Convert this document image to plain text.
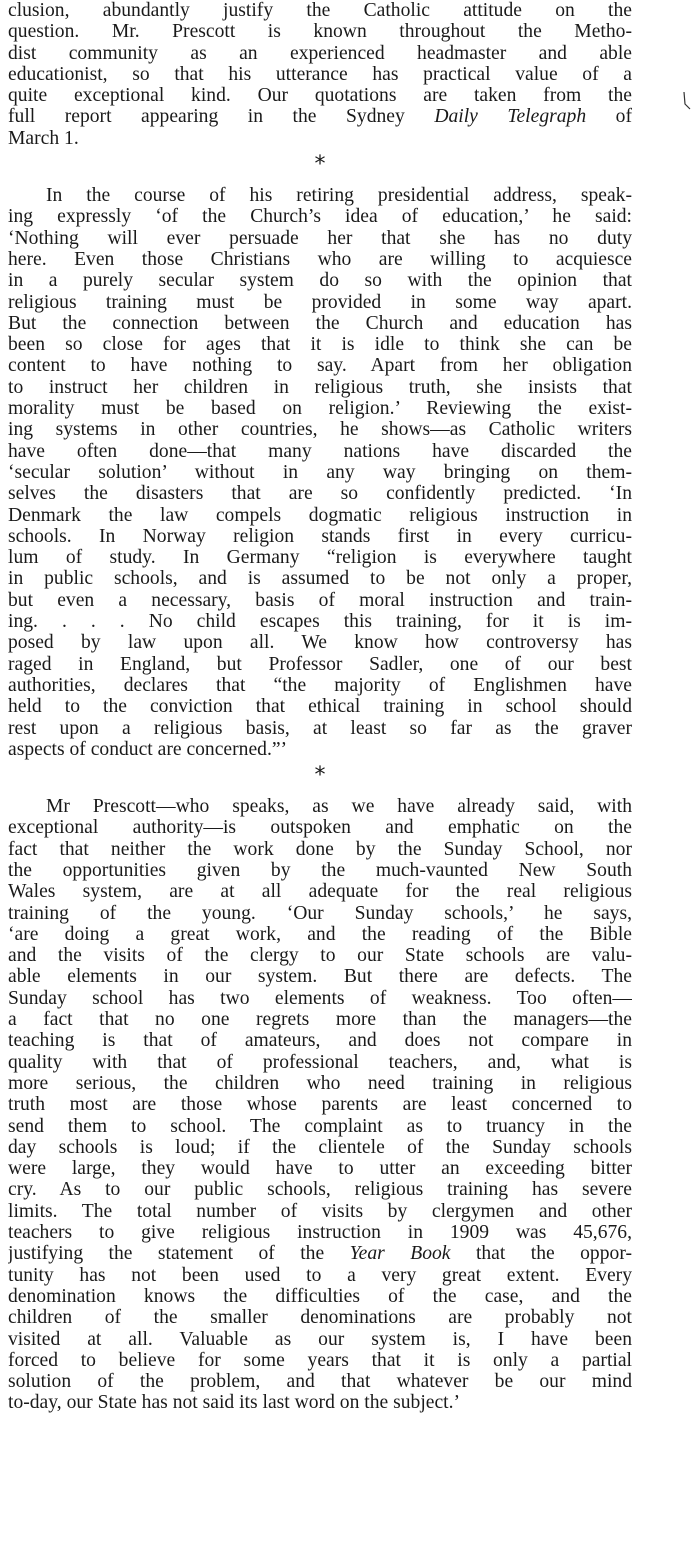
clusion, abundantly justify the Catholic attitude on the
question. Mr. Prescott is known throughout the Metho-
dist community as an experienced headmaster and able
educationist, so that his utterance has practical value of a
quite exceptional kind. Our quotations are taken from the
full report appearing in the Sydney Daily Telegraph of
March 1.
*
In the course of his retiring presidential address, speak-
ing expressly ‘of the Church’s idea of education,’ he said:
‘Nothing will ever persuade her that she has no duty
here. Even those Christians who are willing to acquiesce
in a purely secular system do so with the opinion that
religious training must be provided in some way apart.
But the connection between the Church and education has
been so close for ages that it is idle to think she can be
content to have nothing to say. Apart from her obligation
to instruct her children in religious truth, she insists that
morality must be based on religion.’ Reviewing the exist-
ing systems in other countries, he shows—as Catholic writers
have often done—that many nations have discarded the
‘secular solution’ without in any way bringing on them-
selves the disasters that are so confidently predicted. ‘In
Denmark the law compels dogmatic religious instruction in
schools. In Norway religion stands first in every curricu-
lum of study. In Germany “religion is everywhere taught
in public schools, and is assumed to be not only a proper,
but even a necessary, basis of moral instruction and train-
ing. . . . No child escapes this training, for it is im-
posed by law upon all. We know how controversy has
raged in England, but Professor Sadler, one of our best
authorities, declares that “the majority of Englishmen have
held to the conviction that ethical training in school should
rest upon a religious basis, at least so far as the graver
aspects of conduct are concerned.”’
*
Mr Prescott—who speaks, as we have already said, with
exceptional authority—is outspoken and emphatic on the
fact that neither the work done by the Sunday School, nor
the opportunities given by the much-vaunted New South
Wales system, are at all adequate for the real religious
training of the young. ‘Our Sunday schools,’ he says,
‘are doing a great work, and the reading of the Bible
and the visits of the clergy to our State schools are valu-
able elements in our system. But there are defects. The
Sunday school has two elements of weakness. Too often—
a fact that no one regrets more than the managers—the
teaching is that of amateurs, and does not compare in
quality with that of professional teachers, and, what is
more serious, the children who need training in religious
truth most are those whose parents are least concerned to
send them to school. The complaint as to truancy in the
day schools is loud; if the clientele of the Sunday schools
were large, they would have to utter an exceeding bitter
cry. As to our public schools, religious training has severe
limits. The total number of visits by clergymen and other
teachers to give religious instruction in 1909 was 45,676,
justifying the statement of the Year Book that the oppor-
tunity has not been used to a very great extent. Every
denomination knows the difficulties of the case, and the
children of the smaller denominations are probably not
visited at all. Valuable as our system is, I have been
forced to believe for some years that it is only a partial
solution of the problem, and that whatever be our mind
to-day, our State has not said its last word on the subject.’
